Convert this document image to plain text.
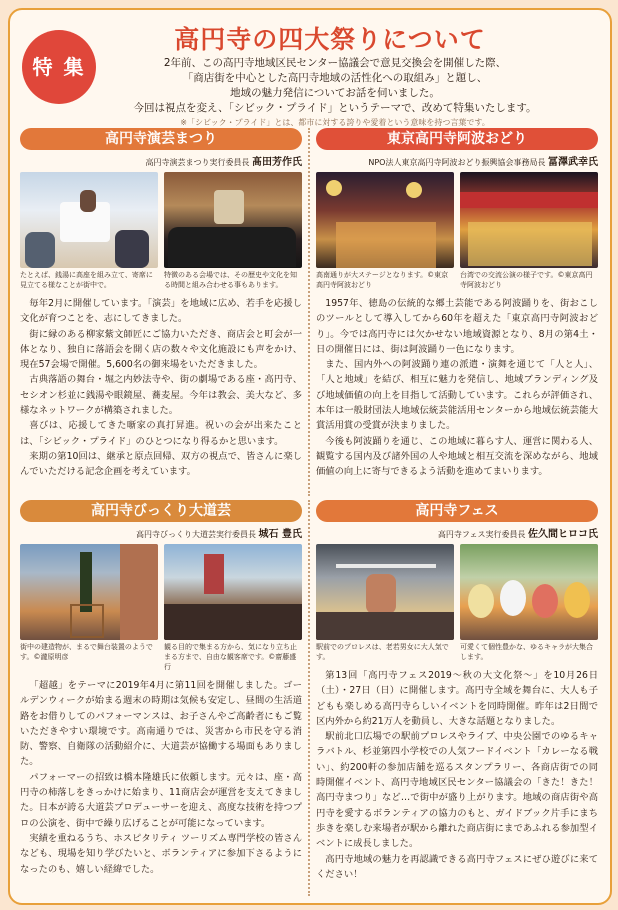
特 集
高円寺の四大祭りについて
2年前、この高円寺地域区民センター協議会で意見交換会を開催した際、
「商店街を中心とした高円寺地域の活性化への取組み」と題し、
地域の魅力発信についてお話を伺いました。
今回は視点を変え、「シビック・プライド」というテーマで、改めて特集いたします。
※「シビック・プライド」とは、都市に対する誇りや愛着という意味を持つ言葉です。
高円寺演芸まつり
高円寺演芸まつり実行委員長 髙田芳作氏
たとえば、銭湯に高座を組み立て、寄席に見立てる様なことが街中で。
特徴のある会場では、その歴史や文化を知る時間と組み合わせる事もあります。

毎年2月に開催しています。「演芸」を地域に広め、若手を応援し文化が育つことを、志にしてきました。

街に縁のある柳家紫文師匠にご協力いただき、商店会と町会が一体となり、独自に落語会を開く店の数々や文化施設にも声をかけ、現在57会場で開催。5,600名の御来場をいただきました。

古典落語の舞台・堀之内妙法寺や、街の劇場である座・高円寺、セシオン杉並に銭湯や眼鏡屋、蕎麦屋。今年は教会、美大など、多様なネットワークが構築されました。

喜びは、応援してきた噺家の真打昇進。祝いの会が出来たことは、「シビック・プライド」のひとつになり得るかと思います。

来期の第10回は、継承と原点回帰、双方の視点で、皆さんに楽しんでいただける記念企画を考えています。

東京高円寺阿波おどり
NPO法人東京高円寺阿波おどり振興協会事務局長 冨澤武幸氏
高南通りが大ステージとなります。©東京高円寺阿波おどり
台湾での交流公演の様子です。©東京高円寺阿波おどり

1957年、徳島の伝統的な郷土芸能である阿波踊りを、街おこしのツールとして導入してから60年を超えた「東京高円寺阿波おどり」。今では高円寺には欠かせない地域資源となり、8月の第4土・日の開催日には、街は阿波踊り一色になります。

また、国内外への阿波踊り連の派遣・演舞を通じて「人と人」、「人と地域」を結び、相互に魅力を発信し、地域ブランディング及び地域価値の向上を目指して活動しています。これらが評価され、本年は一般財団法人地域伝統芸能活用センターから地域伝統芸能大賞活用賞の受賞が決まりました。

今後も阿波踊りを通じ、この地域に暮らす人、運営に関わる人、観覧する国内及び諸外国の人や地域と相互交流を深めながら、地域価値の向上に寄与できるよう活動を進めてまいります。

高円寺びっくり大道芸
高円寺びっくり大道芸実行委員長 城石 豊氏
街中の建造物が、まるで舞台装置のようです。©瀧原明彦
観る目的で集まる方から、気になり立ち止まる方まで、自由な観客席です。©齋藤盛行

「超越」をテーマに2019年4月に第11回を開催しました。ゴールデンウィークが始まる週末の時期は気候も安定し、昼間の生活道路をお借りしてのパフォーマンスは、お子さんやご高齢者にもご覧いただきやすい環境です。高南通りでは、災害から市民を守る消防、警察、自衛隊の活動紹介に、大道芸が協働する場面もありました。

パフォーマーの招致は橋本隆雄氏に依頼します。元々は、座・高円寺の柿落しをきっかけに始まり、11商店会が運営を支えてきました。日本が誇る大道芸プロデューサーを迎え、高度な技術を持つプロの公演を、街中で繰り広げることが可能になっています。

実績を重ねるうち、ホスピタリティ ツーリズム専門学校の皆さんなども、現場を知り学びたいと、ボランティアに参加下さるようになったのも、嬉しい経緯でした。

高円寺フェス
高円寺フェス実行委員長 佐久間ヒロコ氏
駅前でのプロレスは、老若男女に大人気です。
可愛くて個性豊かな、ゆるキャラが大集合します。

第13回「高円寺フェス2019～秋の大文化祭～」を10月26日（土）・27日（日）に開催します。高円寺全域を舞台に、大人も子どもも楽しめる高円寺らしいイベントを同時開催。昨年は2日間で区内外から約21万人を動員し、大きな話題となりました。

駅前北口広場での駅前プロレスやライブ、中央公園でのゆるキャラバトル、杉並第四小学校での人気フードイベント「カレーなる戦い」、約200軒の参加店舗を巡るスタンプラリー、各商店街での同時開催イベント、高円寺地域区民センター協議会の「きた！きた！高円寺まつり」など…で街中が盛り上がります。地域の商店街や高円寺を愛するボランティアの協力のもと、ガイドブック片手にまち歩きを楽しむ来場者が駅から離れた商店街にまであふれる参加型イベントに成長しました。

高円寺地域の魅力を再認識できる高円寺フェスにぜひ遊びに来てください！
